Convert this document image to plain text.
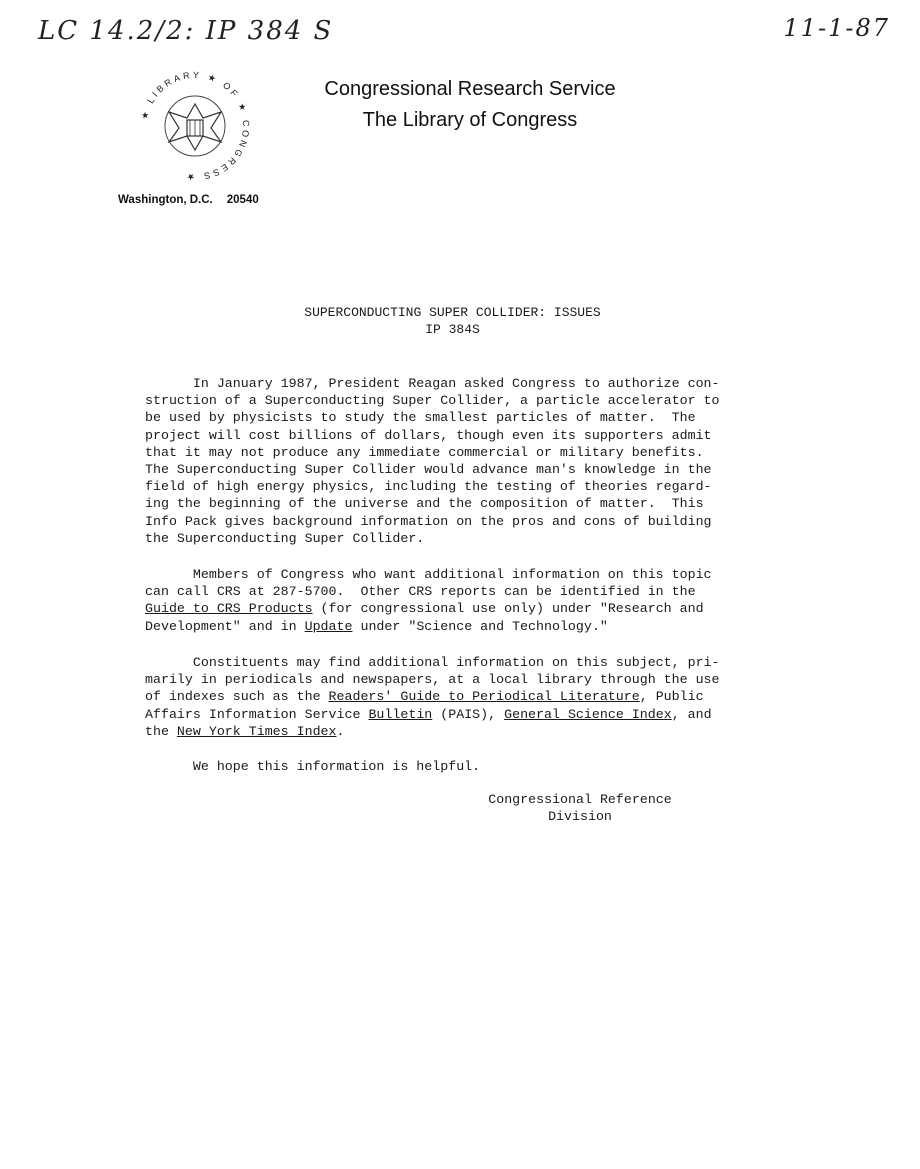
LC 14.2/2: IP 384 S	11-1-87
★ LIBRARY ★ OF ★ CONGRESS ★
Congressional Research Service
The Library of Congress
Washington, D.C. 20540
SUPERCONDUCTING SUPER COLLIDER: ISSUES
IP 384S
In January 1987, President Reagan asked Congress to authorize con-
struction of a Superconducting Super Collider, a particle accelerator to
be used by physicists to study the smallest particles of matter.  The
project will cost billions of dollars, though even its supporters admit
that it may not produce any immediate commercial or military benefits.
The Superconducting Super Collider would advance man's knowledge in the
field of high energy physics, including the testing of theories regard-
ing the beginning of the universe and the composition of matter.  This
Info Pack gives background information on the pros and cons of building
the Superconducting Super Collider.
Members of Congress who want additional information on this topic
can call CRS at 287-5700.  Other CRS reports can be identified in the
Guide to CRS Products (for congressional use only) under "Research and
Development" and in Update under "Science and Technology."
Constituents may find additional information on this subject, pri-
marily in periodicals and newspapers, at a local library through the use
of indexes such as the Readers' Guide to Periodical Literature, Public
Affairs Information Service Bulletin (PAIS), General Science Index, and
the New York Times Index.
We hope this information is helpful.
Congressional Reference
Division
